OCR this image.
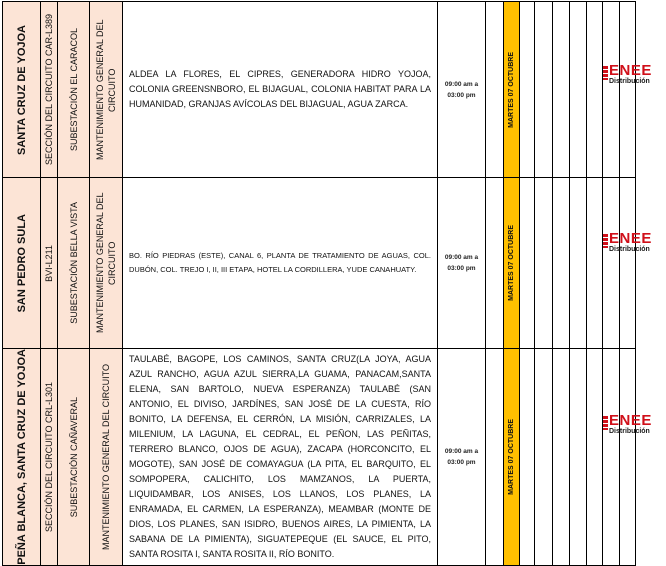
SANTA CRUZ DE YOJOA	SECCIÓN DEL CIRCUITO CAR-L389	SUBESTACIÓN EL CARACOL	MANTENIMIENTO GENERAL DEL CIRCUITO	ALDEA LA FLORES, EL CIPRES, GENERADORA HIDRO YOJOA, COLONIA GREENSNBORO, EL BIJAGUAL, COLONIA HABITAT PARA LA HUMANIDAD, GRANJAS AVÍCOLAS DEL BIJAGUAL, AGUA ZARCA.	09:00 am a
03:00 pm		MARTES 07 OCTUBRE							

SAN PEDRO SULA	BVI-L211	SUBESTACIÓN BELLA VISTA	MANTENIMIENTO GENERAL DEL CIRCUITO	BO. RÍO PIEDRAS (ESTE), CANAL 6, PLANTA DE TRATAMIENTO DE AGUAS, COL. DUBÓN, COL. TREJO I, II, III ETAPA, HOTEL LA CORDILLERA, YUDE CANAHUATY.	09:00 am a
03:00 pm		MARTES 07 OCTUBRE							

PEÑA BLANCA, SANTA CRUZ DE YOJOA	SECCIÓN DEL CIRCUITO CRL-L301	SUBESTACIÓN CAÑAVERAL	MANTENIMIENTO GENERAL DEL CIRCUITO	TAULABÉ, BAGOPE, LOS CAMINOS, SANTA CRUZ(LA JOYA, AGUA AZUL RANCHO, AGUA AZUL SIERRA,LA GUAMA, PANACAM,SANTA ELENA, SAN BARTOLO, NUEVA ESPERANZA) TAULABÉ (SAN ANTONIO, EL DIVISO, JARDÍNES, SAN JOSÉ DE LA CUESTA, RÍO BONITO, LA DEFENSA, EL CERRÓN, LA MISIÓN, CARRIZALES, LA MILENIUM, LA LAGUNA, EL CEDRAL, EL PEÑON, LAS PEÑITAS, TERRERO BLANCO, OJOS DE AGUA), ZACAPA (HORCONCITO, EL MOGOTE), SAN JOSÉ DE COMAYAGUA (LA PITA, EL BARQUITO, EL SOMPOPERA, CALICHITO, LOS MAMZANOS, LA PUERTA, LIQUIDAMBAR, LOS ANISES, LOS LLANOS, LOS PLANES, LA ENRAMADA, EL CARMEN, LA ESPERANZA), MEAMBAR (MONTE DE DIOS, LOS PLANES, SAN ISIDRO, BUENOS AIRES, LA PIMIENTA, LA SABANA DE LA PIMIENTA), SIGUATEPEQUE (EL SAUCE, EL PITO, SANTA ROSITA I, SANTA ROSITA II, RÍO BONITO.	09:00 am a
03:00 pm		MARTES 07 OCTUBRE							

ENEE
Distribución
ENEE
Distribución
ENEE
Distribución
